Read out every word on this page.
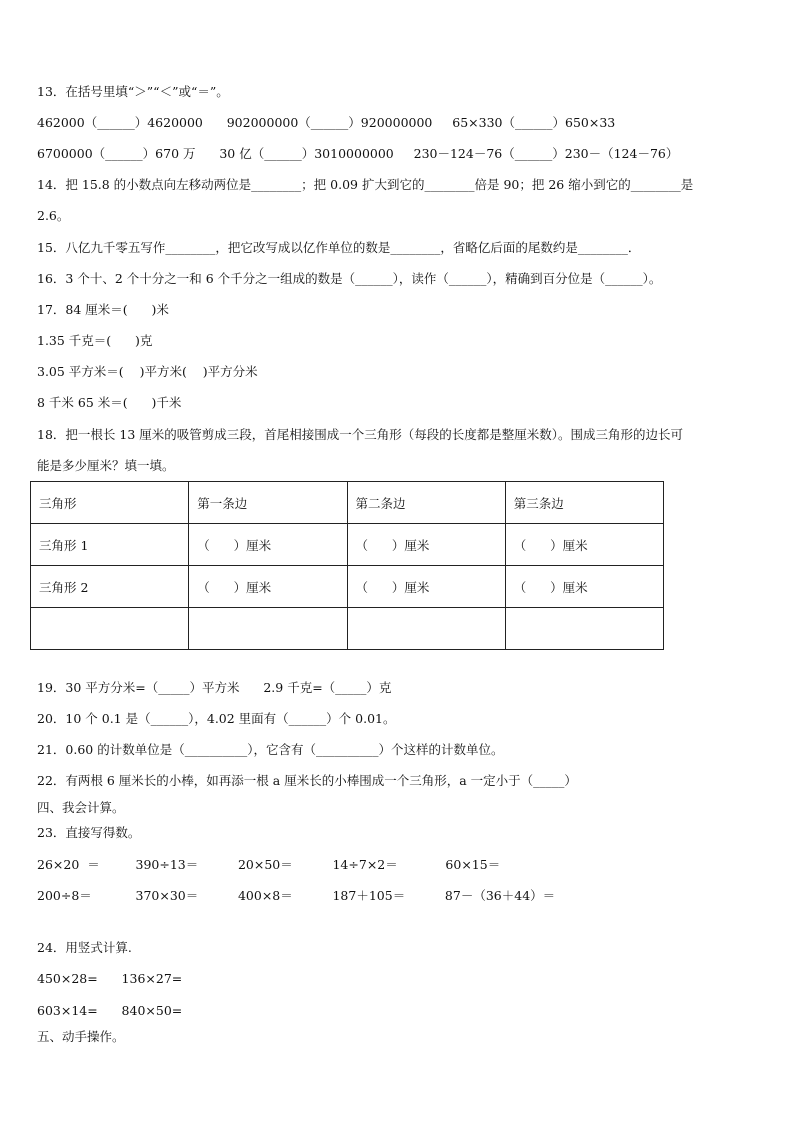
13．在括号里填“＞”“＜”或“＝”。
462000（______）4620000      902000000（______）920000000     65×330（______）650×33
6700000（______）670 万      30 亿（______）3010000000     230－124－76（______）230－（124－76）
14．把 15.8 的小数点向左移动两位是________；把 0.09 扩大到它的________倍是 90；把 26 缩小到它的________是
2.6。
15．八亿九千零五写作________，把它改写成以亿作单位的数是________，省略亿后面的尾数约是________．
16．3 个十、2 个十分之一和 6 个千分之一组成的数是（______），读作（______），精确到百分位是（______）。
17．84 厘米＝(      )米
1.35 千克＝(      )克
3.05 平方米＝(    )平方米(    )平方分米
8 千米 65 米＝(      )千米
18．把一根长 13 厘米的吸管剪成三段，首尾相接围成一个三角形（每段的长度都是整厘米数）。围成三角形的边长可
能是多少厘米？填一填。
三角形	第一条边	第二条边	第三条边
三角形 1	（      ）厘米	（      ）厘米	（      ）厘米
三角形 2	（      ）厘米	（      ）厘米	（      ）厘米

19．30 平方分米=（_____）平方米      2.9 千克=（_____）克
20．10 个 0.1 是（______），4.02 里面有（______）个 0.01。
21．0.60 的计数单位是（__________），它含有（__________）个这样的计数单位。
22．有两根 6 厘米长的小棒，如再添一根 a 厘米长的小棒围成一个三角形，a 一定小于（_____）
四、我会计算。
23．直接写得数。
26×20  ＝         390÷13＝          20×50＝          14÷7×2＝            60×15＝
200÷8＝           370×30＝          400×8＝          187＋105＝          87－（36＋44）＝
24．用竖式计算.
450×28=      136×27=
603×14=      840×50=
五、动手操作。
